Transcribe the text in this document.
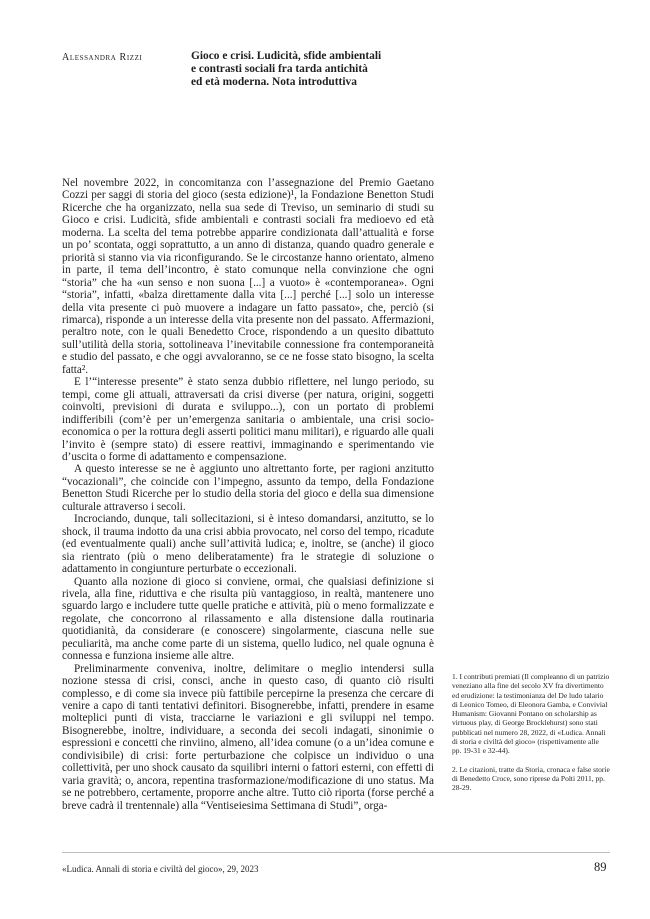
Alessandra Rizzi	Gioco e crisi. Ludicità, sfide ambientali
e contrasti sociali fra tarda antichità
ed età moderna. Nota introduttiva

Nel novembre 2022, in concomitanza con l’assegnazione del Premio Gaetano Cozzi per saggi di storia del gioco (sesta edizione)¹, la Fondazione Benetton Studi Ricerche che ha organizzato, nella sua sede di Treviso, un seminario di studi su Gioco e crisi. Ludicità, sfide ambientali e contrasti sociali fra medioevo ed età moderna. La scelta del tema potrebbe apparire condizionata dall’attualità e forse un po’ scontata, oggi soprattutto, a un anno di distanza, quando quadro generale e priorità si stanno via via riconfigurando. Se le circostanze hanno orientato, almeno in parte, il tema dell’incontro, è stato comunque nella convinzione che ogni “storia” che ha «un senso e non suona [...] a vuoto» è «contemporanea». Ogni “storia”, infatti, «balza direttamente dalla vita [...] perché [...] solo un interesse della vita presente ci può muovere a indagare un fatto passato», che, perciò (si rimarca), risponde a un interesse della vita presente non del passato. Affermazioni, peraltro note, con le quali Benedetto Croce, rispondendo a un quesito dibattuto sull’utilità della storia, sottolineava l’inevitabile connessione fra contemporaneità e studio del passato, e che oggi avvaloranno, se ce ne fosse stato bisogno, la scelta fatta².

E l’“interesse presente” è stato senza dubbio riflettere, nel lungo periodo, su tempi, come gli attuali, attraversati da crisi diverse (per natura, origini, soggetti coinvolti, previsioni di durata e sviluppo...), con un portato di problemi indifferibili (com’è per un’emergenza sanitaria o ambientale, una crisi socio-economica o per la rottura degli asserti politici manu militari), e riguardo alle quali l’invito è (sempre stato) di essere reattivi, immaginando e sperimentando vie d’uscita o forme di adattamento e compensazione.

A questo interesse se ne è aggiunto uno altrettanto forte, per ragioni anzitutto “vocazionali”, che coincide con l’impegno, assunto da tempo, della Fondazione Benetton Studi Ricerche per lo studio della storia del gioco e della sua dimensione culturale attraverso i secoli.

Incrociando, dunque, tali sollecitazioni, si è inteso domandarsi, anzitutto, se lo shock, il trauma indotto da una crisi abbia provocato, nel corso del tempo, ricadute (ed eventualmente quali) anche sull’attività ludica; e, inoltre, se (anche) il gioco sia rientrato (più o meno deliberatamente) fra le strategie di soluzione o adattamento in congiunture perturbate o eccezionali.

Quanto alla nozione di gioco si conviene, ormai, che qualsiasi definizione si rivela, alla fine, riduttiva e che risulta più vantaggioso, in realtà, mantenere uno sguardo largo e includere tutte quelle pratiche e attività, più o meno formalizzate e regolate, che concorrono al rilassamento e alla distensione dalla routinaria quotidianità, da considerare (e conoscere) singolarmente, ciascuna nelle sue peculiarità, ma anche come parte di un sistema, quello ludico, nel quale ognuna è connessa e funziona insieme alle altre.

Preliminarmente conveniva, inoltre, delimitare o meglio intendersi sulla nozione stessa di crisi, consci, anche in questo caso, di quanto ciò risulti complesso, e di come sia invece più fattibile percepirne la presenza che cercare di venire a capo di tanti tentativi definitori. Bisognerebbe, infatti, prendere in esame molteplici punti di vista, tracciarne le variazioni e gli sviluppi nel tempo. Bisognerebbe, inoltre, individuare, a seconda dei secoli indagati, sinonimie o espressioni e concetti che rinviino, almeno, all’idea comune (o a un’idea comune e condivisibile) di crisi: forte perturbazione che colpisce un individuo o una collettività, per uno shock causato da squilibri interni o fattori esterni, con effetti di varia gravità; o, ancora, repentina trasformazione/modificazione di uno status. Ma se ne potrebbero, certamente, proporre anche altre. Tutto ciò riporta (forse perché a breve cadrà il trentennale) alla “Ventiseiesima Settimana di Studi”, orga-

1. I contributi premiati (Il compleanno di un patrizio veneziano alla fine del secolo XV fra divertimento ed erudizione: la testimonianza del De ludo talario di Leonico Tomeo, di Eleonora Gamba, e Convivial Humanism: Giovanni Pontano on scholarship as virtuous play, di George Brocklehurst) sono stati pubblicati nel numero 28, 2022, di «Ludica. Annali di storia e civiltà del gioco» (rispettivamente alle pp. 19-31 e 32-44).

2. Le citazioni, tratte da Storia, cronaca e false storie di Benedetto Croce, sono riprese da Polti 2011, pp. 28-29.

«Ludica. Annali di storia e civiltà del gioco», 29, 2023	89
